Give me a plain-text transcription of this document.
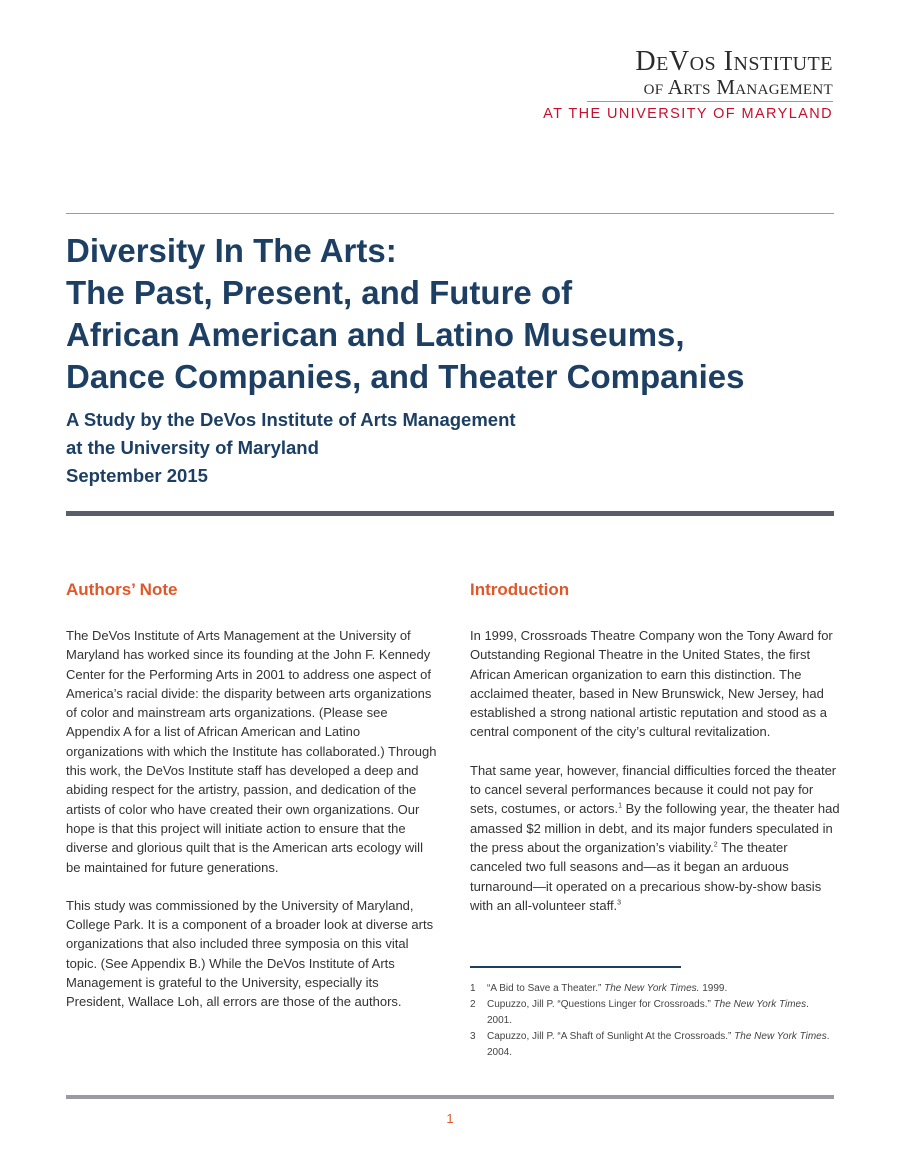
DeVos Institute
of Arts Management
AT THE UNIVERSITY OF MARYLAND
Diversity In The Arts:
The Past, Present, and Future of
African American and Latino Museums,
Dance Companies, and Theater Companies
A Study by the DeVos Institute of Arts Management
at the University of Maryland
September 2015
Authors’ Note

The DeVos Institute of Arts Management at the University of Maryland has worked since its founding at the John F. Kennedy Center for the Performing Arts in 2001 to address one aspect of America’s racial divide: the disparity between arts organizations of color and mainstream arts organizations. (Please see Appendix A for a list of African American and Latino organizations with which the Institute has collaborated.) Through this work, the DeVos Institute staff has developed a deep and abiding respect for the artistry, passion, and dedication of the artists of color who have created their own organizations. Our hope is that this project will initiate action to ensure that the diverse and glorious quilt that is the American arts ecology will be maintained for future generations.

This study was commissioned by the University of Maryland, College Park. It is a component of a broader look at diverse arts organizations that also included three symposia on this vital topic. (See Appendix B.) While the DeVos Institute of Arts Management is grateful to the University, especially its President, Wallace Loh, all errors are those of the authors.

Introduction

In 1999, Crossroads Theatre Company won the Tony Award for Outstanding Regional Theatre in the United States, the first African American organization to earn this distinction. The acclaimed theater, based in New Brunswick, New Jersey, had established a strong national artistic reputation and stood as a central component of the city’s cultural revitalization.

That same year, however, financial difficulties forced the theater to cancel several performances because it could not pay for sets, costumes, or actors.$^1$ By the following year, the theater had amassed $2 million in debt, and its major funders speculated in the press about the organization’s viability.$^2$ The theater canceled two full seasons and—as it began an arduous turnaround—it operated on a precarious show-by-show basis with an all-volunteer staff.$^3$

1 “A Bid to Save a Theater.” The New York Times. 1999.
2 Cupuzzo, Jill P. “Questions Linger for Crossroads.” The New York Times. 2001.
3 Capuzzo, Jill P. “A Shaft of Sunlight At the Crossroads.” The New York Times. 2004.
1
